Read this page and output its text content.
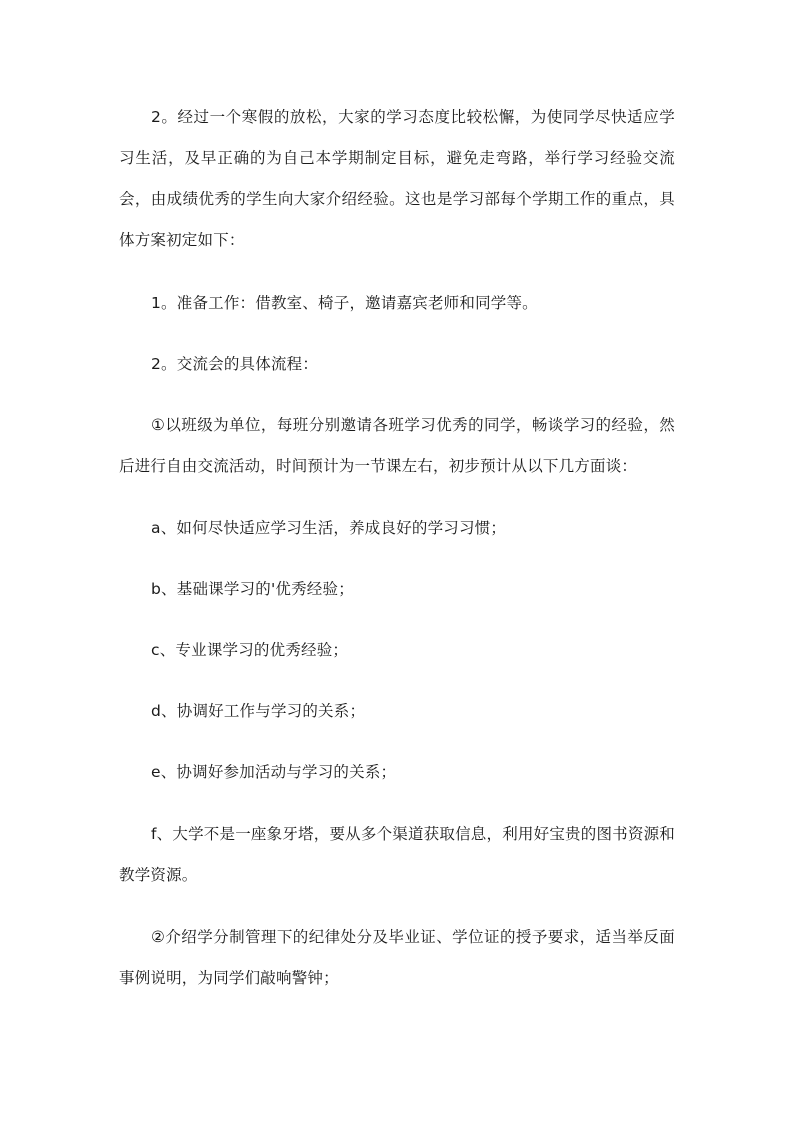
2。经过一个寒假的放松，大家的学习态度比较松懈，为使同学尽快适应学习生活，及早正确的为自己本学期制定目标，避免走弯路，举行学习经验交流会，由成绩优秀的学生向大家介绍经验。这也是学习部每个学期工作的重点，具体方案初定如下：

1。准备工作：借教室、椅子，邀请嘉宾老师和同学等。

2。交流会的具体流程：

①以班级为单位，每班分别邀请各班学习优秀的同学，畅谈学习的经验，然后进行自由交流活动，时间预计为一节课左右，初步预计从以下几方面谈：

a、如何尽快适应学习生活，养成良好的学习习惯；

b、基础课学习的'优秀经验；

c、专业课学习的优秀经验；

d、协调好工作与学习的关系；

e、协调好参加活动与学习的关系；

f、大学不是一座象牙塔，要从多个渠道获取信息，利用好宝贵的图书资源和教学资源。

②介绍学分制管理下的纪律处分及毕业证、学位证的授予要求，适当举反面事例说明，为同学们敲响警钟；
